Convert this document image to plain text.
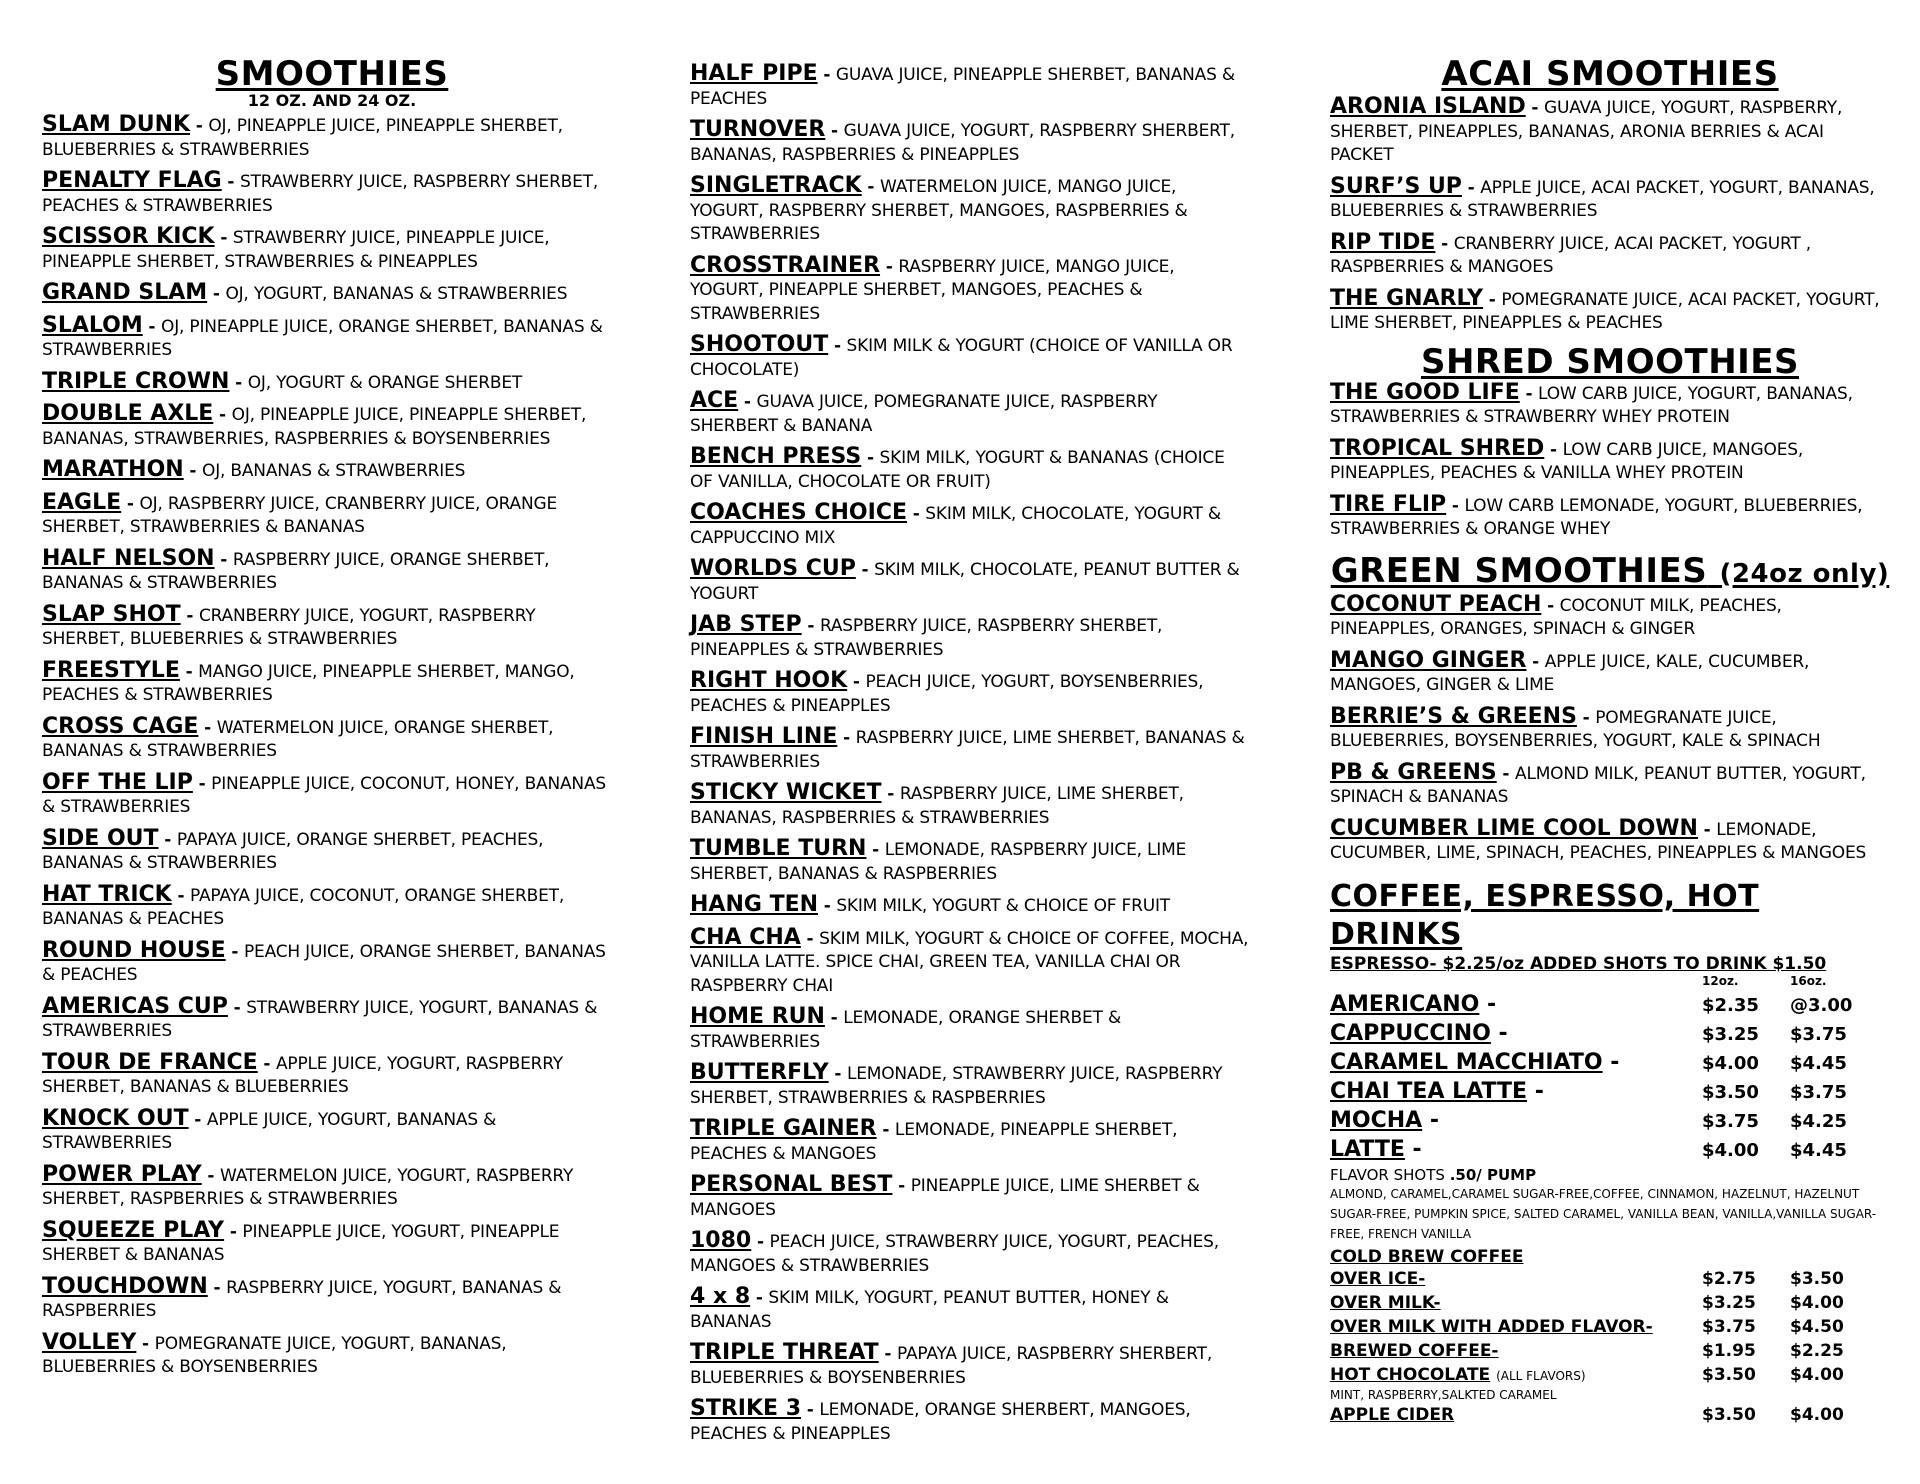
SMOOTHIES
12 OZ. AND 24 OZ.
SLAM DUNK - OJ, PINEAPPLE JUICE, PINEAPPLE SHERBET, BLUEBERRIES & STRAWBERRIES
PENALTY FLAG - STRAWBERRY JUICE, RASPBERRY SHERBET, PEACHES & STRAWBERRIES
SCISSOR KICK - STRAWBERRY JUICE, PINEAPPLE JUICE, PINEAPPLE SHERBET, STRAWBERRIES & PINEAPPLES
GRAND SLAM - OJ, YOGURT, BANANAS & STRAWBERRIES
SLALOM - OJ, PINEAPPLE JUICE, ORANGE SHERBET, BANANAS & STRAWBERRIES
TRIPLE CROWN - OJ, YOGURT & ORANGE SHERBET
DOUBLE AXLE - OJ, PINEAPPLE JUICE, PINEAPPLE SHERBET, BANANAS, STRAWBERRIES, RASPBERRIES & BOYSENBERRIES
MARATHON - OJ, BANANAS & STRAWBERRIES
EAGLE - OJ, RASPBERRY JUICE, CRANBERRY JUICE, ORANGE SHERBET, STRAWBERRIES & BANANAS
HALF NELSON - RASPBERRY JUICE, ORANGE SHERBET, BANANAS & STRAWBERRIES
SLAP SHOT - CRANBERRY JUICE, YOGURT, RASPBERRY SHERBET, BLUEBERRIES & STRAWBERRIES
FREESTYLE - MANGO JUICE, PINEAPPLE SHERBET, MANGO, PEACHES & STRAWBERRIES
CROSS CAGE - WATERMELON JUICE, ORANGE SHERBET, BANANAS & STRAWBERRIES
OFF THE LIP - PINEAPPLE JUICE, COCONUT, HONEY, BANANAS & STRAWBERRIES
SIDE OUT - PAPAYA JUICE, ORANGE SHERBET, PEACHES, BANANAS & STRAWBERRIES
HAT TRICK - PAPAYA JUICE, COCONUT, ORANGE SHERBET, BANANAS & PEACHES
ROUND HOUSE - PEACH JUICE, ORANGE SHERBET, BANANAS & PEACHES
AMERICAS CUP - STRAWBERRY JUICE, YOGURT, BANANAS & STRAWBERRIES
TOUR DE FRANCE - APPLE JUICE, YOGURT, RASPBERRY SHERBET, BANANAS & BLUEBERRIES
KNOCK OUT - APPLE JUICE, YOGURT, BANANAS & STRAWBERRIES
POWER PLAY - WATERMELON JUICE, YOGURT, RASPBERRY SHERBET, RASPBERRIES & STRAWBERRIES
SQUEEZE PLAY - PINEAPPLE JUICE, YOGURT, PINEAPPLE SHERBET & BANANAS
TOUCHDOWN - RASPBERRY JUICE, YOGURT, BANANAS & RASPBERRIES
VOLLEY - POMEGRANATE JUICE, YOGURT, BANANAS, BLUEBERRIES & BOYSENBERRIES
HALF PIPE - GUAVA JUICE, PINEAPPLE SHERBET, BANANAS & PEACHES
TURNOVER - GUAVA JUICE, YOGURT, RASPBERRY SHERBERT, BANANAS, RASPBERRIES & PINEAPPLES
SINGLETRACK - WATERMELON JUICE, MANGO JUICE, YOGURT, RASPBERRY SHERBET, MANGOES, RASPBERRIES & STRAWBERRIES
CROSSTRAINER - RASPBERRY JUICE, MANGO JUICE, YOGURT, PINEAPPLE SHERBET, MANGOES, PEACHES & STRAWBERRIES
SHOOTOUT - SKIM MILK & YOGURT (CHOICE OF VANILLA OR CHOCOLATE)
ACE - GUAVA JUICE, POMEGRANATE JUICE, RASPBERRY SHERBERT & BANANA
BENCH PRESS - SKIM MILK, YOGURT & BANANAS (CHOICE OF VANILLA, CHOCOLATE OR FRUIT)
COACHES CHOICE - SKIM MILK, CHOCOLATE, YOGURT & CAPPUCCINO MIX
WORLDS CUP - SKIM MILK, CHOCOLATE, PEANUT BUTTER & YOGURT
JAB STEP - RASPBERRY JUICE, RASPBERRY SHERBET, PINEAPPLES & STRAWBERRIES
RIGHT HOOK - PEACH JUICE, YOGURT, BOYSENBERRIES, PEACHES & PINEAPPLES
FINISH LINE - RASPBERRY JUICE, LIME SHERBET, BANANAS & STRAWBERRIES
STICKY WICKET - RASPBERRY JUICE, LIME SHERBET, BANANAS, RASPBERRIES & STRAWBERRIES
TUMBLE TURN - LEMONADE, RASPBERRY JUICE, LIME SHERBET, BANANAS & RASPBERRIES
HANG TEN - SKIM MILK, YOGURT & CHOICE OF FRUIT
CHA CHA - SKIM MILK, YOGURT & CHOICE OF COFFEE, MOCHA, VANILLA LATTE. SPICE CHAI, GREEN TEA, VANILLA CHAI OR RASPBERRY CHAI
HOME RUN - LEMONADE, ORANGE SHERBET & STRAWBERRIES
BUTTERFLY - LEMONADE, STRAWBERRY JUICE, RASPBERRY SHERBET, STRAWBERRIES & RASPBERRIES
TRIPLE GAINER - LEMONADE, PINEAPPLE SHERBET, PEACHES & MANGOES
PERSONAL BEST - PINEAPPLE JUICE, LIME SHERBET & MANGOES
1080 - PEACH JUICE, STRAWBERRY JUICE, YOGURT, PEACHES, MANGOES & STRAWBERRIES
4 x 8 - SKIM MILK, YOGURT, PEANUT BUTTER, HONEY & BANANAS
TRIPLE THREAT - PAPAYA JUICE, RASPBERRY SHERBERT, BLUEBERRIES & BOYSENBERRIES
STRIKE 3 - LEMONADE, ORANGE SHERBERT, MANGOES, PEACHES & PINEAPPLES
ACAI SMOOTHIES
ARONIA ISLAND - GUAVA JUICE, YOGURT, RASPBERRY, SHERBET, PINEAPPLES, BANANAS, ARONIA BERRIES & ACAI PACKET
SURF’S UP - APPLE JUICE, ACAI PACKET, YOGURT, BANANAS, BLUEBERRIES & STRAWBERRIES
RIP TIDE - CRANBERRY JUICE, ACAI PACKET, YOGURT , RASPBERRIES & MANGOES
THE GNARLY - POMEGRANATE JUICE, ACAI PACKET, YOGURT, LIME SHERBET, PINEAPPLES & PEACHES
SHRED SMOOTHIES
THE GOOD LIFE - LOW CARB JUICE, YOGURT, BANANAS, STRAWBERRIES & STRAWBERRY WHEY PROTEIN
TROPICAL SHRED - LOW CARB JUICE, MANGOES, PINEAPPLES, PEACHES & VANILLA WHEY PROTEIN
TIRE FLIP - LOW CARB LEMONADE, YOGURT, BLUEBERRIES, STRAWBERRIES & ORANGE WHEY
GREEN SMOOTHIES (24oz only)
COCONUT PEACH - COCONUT MILK, PEACHES, PINEAPPLES, ORANGES, SPINACH & GINGER
MANGO GINGER - APPLE JUICE, KALE, CUCUMBER, MANGOES, GINGER & LIME
BERRIE’S & GREENS - POMEGRANATE JUICE, BLUEBERRIES, BOYSENBERRIES, YOGURT, KALE & SPINACH
PB & GREENS - ALMOND MILK, PEANUT BUTTER, YOGURT, SPINACH & BANANAS
CUCUMBER LIME COOL DOWN - LEMONADE, CUCUMBER, LIME, SPINACH, PEACHES, PINEAPPLES & MANGOES
COFFEE, ESPRESSO, HOT DRINKS
ESPRESSO- $2.25/oz ADDED SHOTS TO DRINK $1.50
12oz.	16oz.
AMERICANO -	$2.35	@3.00
CAPPUCCINO -	$3.25	$3.75
CARAMEL MACCHIATO -	$4.00	$4.45
CHAI TEA LATTE -	$3.50	$3.75
MOCHA -	$3.75	$4.25
LATTE -	$4.00	$4.45
FLAVOR SHOTS .50/ PUMP
ALMOND, CARAMEL,CARAMEL SUGAR-FREE,COFFEE, CINNAMON, HAZELNUT, HAZELNUT SUGAR-FREE, PUMPKIN SPICE, SALTED CARAMEL, VANILLA BEAN, VANILLA,VANILLA SUGAR-FREE, FRENCH VANILLA
COLD BREW COFFEE
OVER ICE-	$2.75	$3.50
OVER MILK-	$3.25	$4.00
OVER MILK WITH ADDED FLAVOR-	$3.75	$4.50
BREWED COFFEE-	$1.95	$2.25
HOT CHOCOLATE (ALL FLAVORS)	$3.50	$4.00
MINT, RASPBERRY,SALKTED CARAMEL
APPLE CIDER	$3.50	$4.00
